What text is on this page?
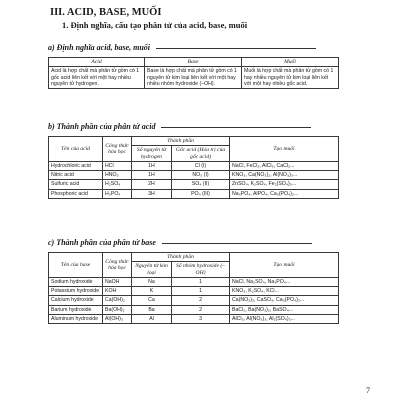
III. ACID, BASE, MUỐI
1. Định nghĩa, cấu tạo phân tử của acid, base, muối
a) Định nghĩa acid, base, muối
Acid	Base	Muối
Acid là hợp chất mà phân tử gồm có 1 gốc acid liên kết với một hay nhiều nguyên tử hydrogen.	Base là hợp chất mà phân tử gồm có 1 nguyên tử kim loại liên kết với một hay nhiều nhóm hydroxide (–OH).	Muối là hợp chất mà phân tử gồm có 1 hay nhiều nguyên tử kim loại liên kết với một hay nhiều gốc acid.
b) Thành phần của phân tử acid
Tên của acid	Công thức hóa học	Thành phần		Tạo muối
		Số nguyên tử hydrogen	Gốc acid (Hóa trị của gốc acid)	
Hydrochloric acid	HCl	1H	Cl (I)	NaCl, FeCl₂, AlCl₃, CaCl₂...
Nitric acid	HNO₃	1H	NO₃ (I)	KNO₃, Ca(NO₃)₂, Al(NO₃)₃...
Sulfuric acid	H₂SO₄	2H	SO₄ (II)	ZnSO₄, K₂SO₄, Fe₂(SO₄)₃...
Phosphoric acid	H₃PO₄	3H	PO₄ (III)	Na₃PO₄, AlPO₄, Ca₃(PO₄)₂...
c) Thành phần của phân tử base
Tên của base	Công thức hóa học	Thành phần		Tạo muối
		Nguyên tử kim loại	Số nhóm hydroxide (–OH)	
Sodium hydroxide	NaOH	Na	1	NaCl, Na₂SO₄, Na₃PO₄...
Potassium hydroxide	KOH	K	1	KNO₃, K₂SO₄, KCl...
Calcium hydroxide	Ca(OH)₂	Ca	2	Ca(NO₃)₂, CaSO₄, Ca₃(PO₄)₂...
Barium hydroxide	Ba(OH)₂	Ba	2	BaCl₂, Ba(NO₃)₂, BaSO₄...
Aluminum hydroxide	Al(OH)₃	Al	3	AlCl₃, Al(NO₃)₃, Al₂(SO₄)₃...
7
